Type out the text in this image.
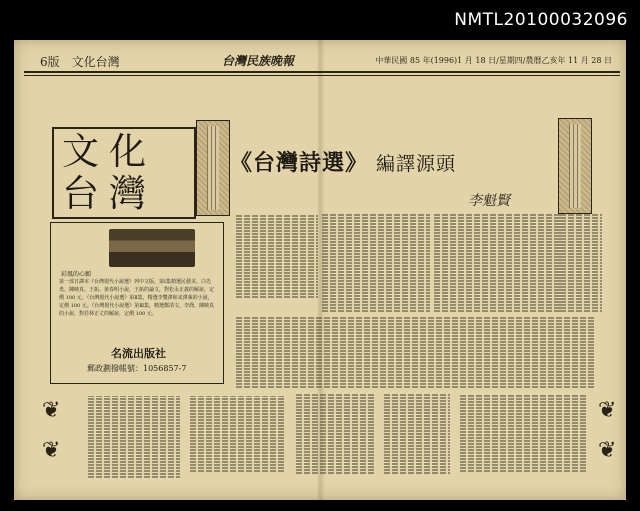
NMTL20100032096
6版　文化台灣	台灣民族晚報	中華民國 85 年(1996)1 月 18 日/星期四/農曆乙亥年 11 月 28 日
文化台灣
《台灣詩選》 編譯源頭
李魁賢
彩鳳的心願
第一部日譯本《台灣現代小說選》列中文版，第Ⅰ集精選民藝美、白先勇、陳映真、王拓、黃春明小說，王拓的論文，對松永正義的解說，定價 100 元。《台灣現代小說選》第Ⅱ集，精選李雙澤和宋澤萊的小說，定價 100 元。《台灣現代小說選》第Ⅲ集，精選鄭清文、李喬、陳映真的小說，對若林正丈的解說，定價 100 元。
名流出版社
郵政劃撥帳號：1056857-7
❦
❦
❦
❦
